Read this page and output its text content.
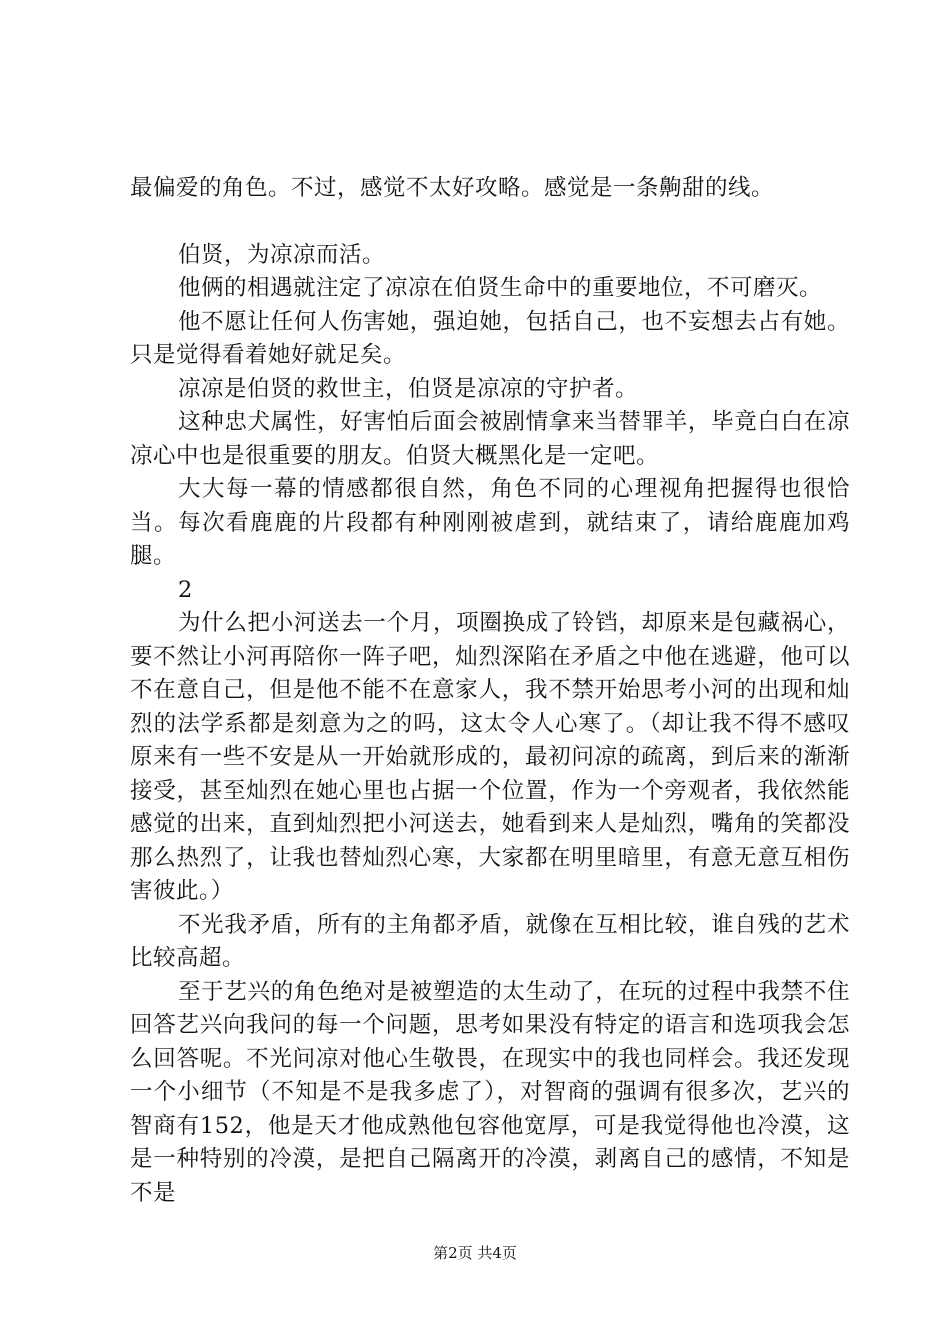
最偏爱的角色。不过，感觉不太好攻略。感觉是一条齁甜的线。

伯贤，为凉凉而活。

他俩的相遇就注定了凉凉在伯贤生命中的重要地位，不可磨灭。

他不愿让任何人伤害她，强迫她，包括自己，也不妄想去占有她。只是觉得看着她好就足矣。

凉凉是伯贤的救世主，伯贤是凉凉的守护者。

这种忠犬属性，好害怕后面会被剧情拿来当替罪羊，毕竟白白在凉凉心中也是很重要的朋友。伯贤大概黑化是一定吧。

大大每一幕的情感都很自然，角色不同的心理视角把握得也很恰当。每次看鹿鹿的片段都有种刚刚被虐到，就结束了，请给鹿鹿加鸡腿。

2

为什么把小河送去一个月，项圈换成了铃铛，却原来是包藏祸心，要不然让小河再陪你一阵子吧，灿烈深陷在矛盾之中他在逃避，他可以不在意自己，但是他不能不在意家人，我不禁开始思考小河的出现和灿烈的法学系都是刻意为之的吗，这太令人心寒了。（却让我不得不感叹原来有一些不安是从一开始就形成的，最初问凉的疏离，到后来的渐渐接受，甚至灿烈在她心里也占据一个位置，作为一个旁观者，我依然能感觉的出来，直到灿烈把小河送去，她看到来人是灿烈，嘴角的笑都没那么热烈了，让我也替灿烈心寒，大家都在明里暗里，有意无意互相伤害彼此。）

不光我矛盾，所有的主角都矛盾，就像在互相比较，谁自残的艺术比较高超。

至于艺兴的角色绝对是被塑造的太生动了，在玩的过程中我禁不住回答艺兴向我问的每一个问题，思考如果没有特定的语言和选项我会怎么回答呢。不光问凉对他心生敬畏，在现实中的我也同样会。我还发现一个小细节（不知是不是我多虑了），对智商的强调有很多次，艺兴的智商有152，他是天才他成熟他包容他宽厚，可是我觉得他也冷漠，这是一种特别的冷漠，是把自己隔离开的冷漠，剥离自己的感情，不知是不是

第2页 共4页
